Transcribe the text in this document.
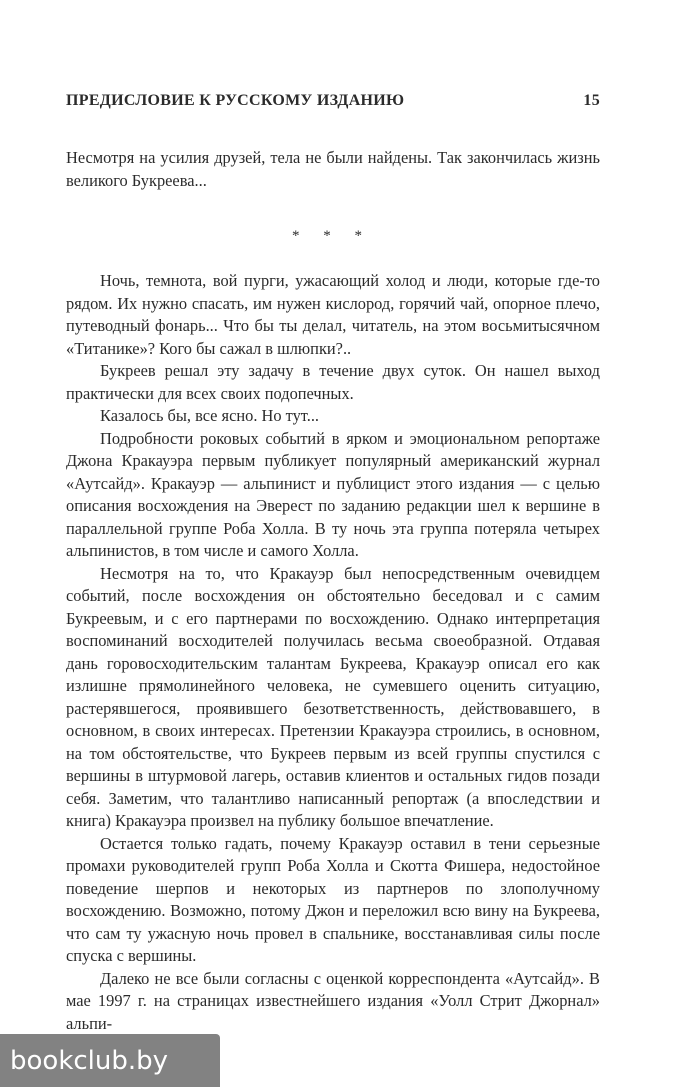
ПРЕДИСЛОВИЕ К РУССКОМУ ИЗДАНИЮ	15

Несмотря на усилия друзей, тела не были найдены. Так закончилась жизнь великого Букреева...

* * *

Ночь, темнота, вой пурги, ужасающий холод и люди, которые где-то рядом. Их нужно спасать, им нужен кислород, горячий чай, опорное плечо, путеводный фонарь... Что бы ты делал, читатель, на этом восьмитысячном «Титанике»? Кого бы сажал в шлюпки?..

Букреев решал эту задачу в течение двух суток. Он нашел выход практически для всех своих подопечных.

Казалось бы, все ясно. Но тут...

Подробности роковых событий в ярком и эмоциональном репортаже Джона Кракауэра первым публикует популярный американский журнал «Аутсайд». Кракауэр — альпинист и публицист этого издания — с целью описания восхождения на Эверест по заданию редакции шел к вершине в параллельной группе Роба Холла. В ту ночь эта группа потеряла четырех альпинистов, в том числе и самого Холла.

Несмотря на то, что Кракауэр был непосредственным очевидцем событий, после восхождения он обстоятельно беседовал и с самим Букреевым, и с его партнерами по восхождению. Однако интерпретация воспоминаний восходителей получилась весьма своеобразной. Отдавая дань горовосходительским талантам Букреева, Кракауэр описал его как излишне прямолинейного человека, не сумевшего оценить ситуацию, растерявшегося, проявившего безответственность, действовавшего, в основном, в своих интересах. Претензии Кракауэра строились, в основном, на том обстоятельстве, что Букреев первым из всей группы спустился с вершины в штурмовой лагерь, оставив клиентов и остальных гидов позади себя. Заметим, что талантливо написанный репортаж (а впоследствии и книга) Кракауэра произвел на публику большое впечатление.

Остается только гадать, почему Кракауэр оставил в тени серьезные промахи руководителей групп Роба Холла и Скотта Фишера, недостойное поведение шерпов и некоторых из партнеров по злополучному восхождению. Возможно, потому Джон и переложил всю вину на Букреева, что сам ту ужасную ночь провел в спальнике, восстанавливая силы после спуска с вершины.

Далеко не все были согласны с оценкой корреспондента «Аутсайд». В мае 1997 г. на страницах известнейшего издания «Уолл Стрит Джорнал» альпи-

bookclub.by
